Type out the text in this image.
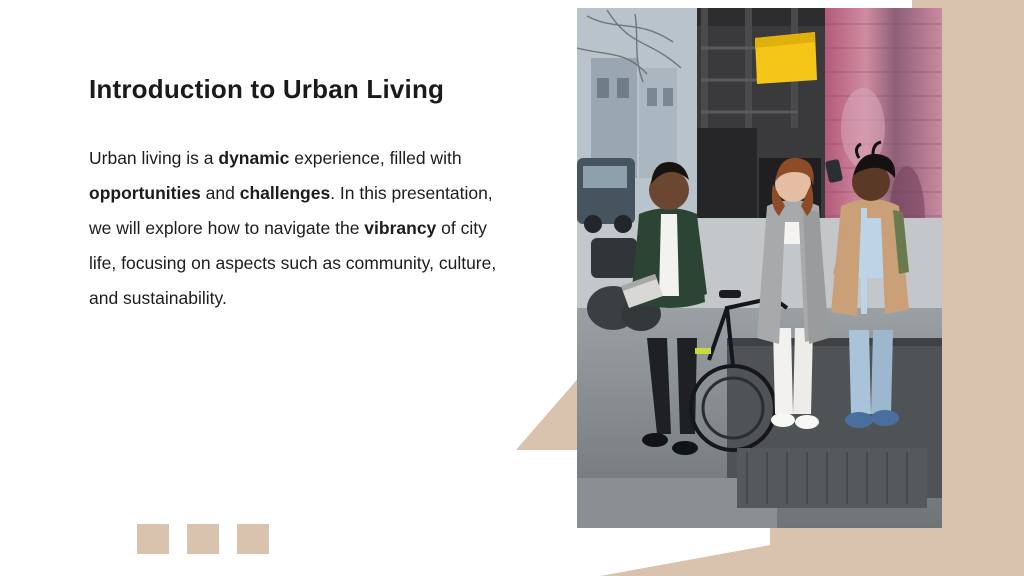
Introduction to Urban Living

Urban living is a dynamic experience, filled with opportunities and challenges. In this presentation, we will explore how to navigate the vibrancy of city life, focusing on aspects such as community, culture, and sustainability.
